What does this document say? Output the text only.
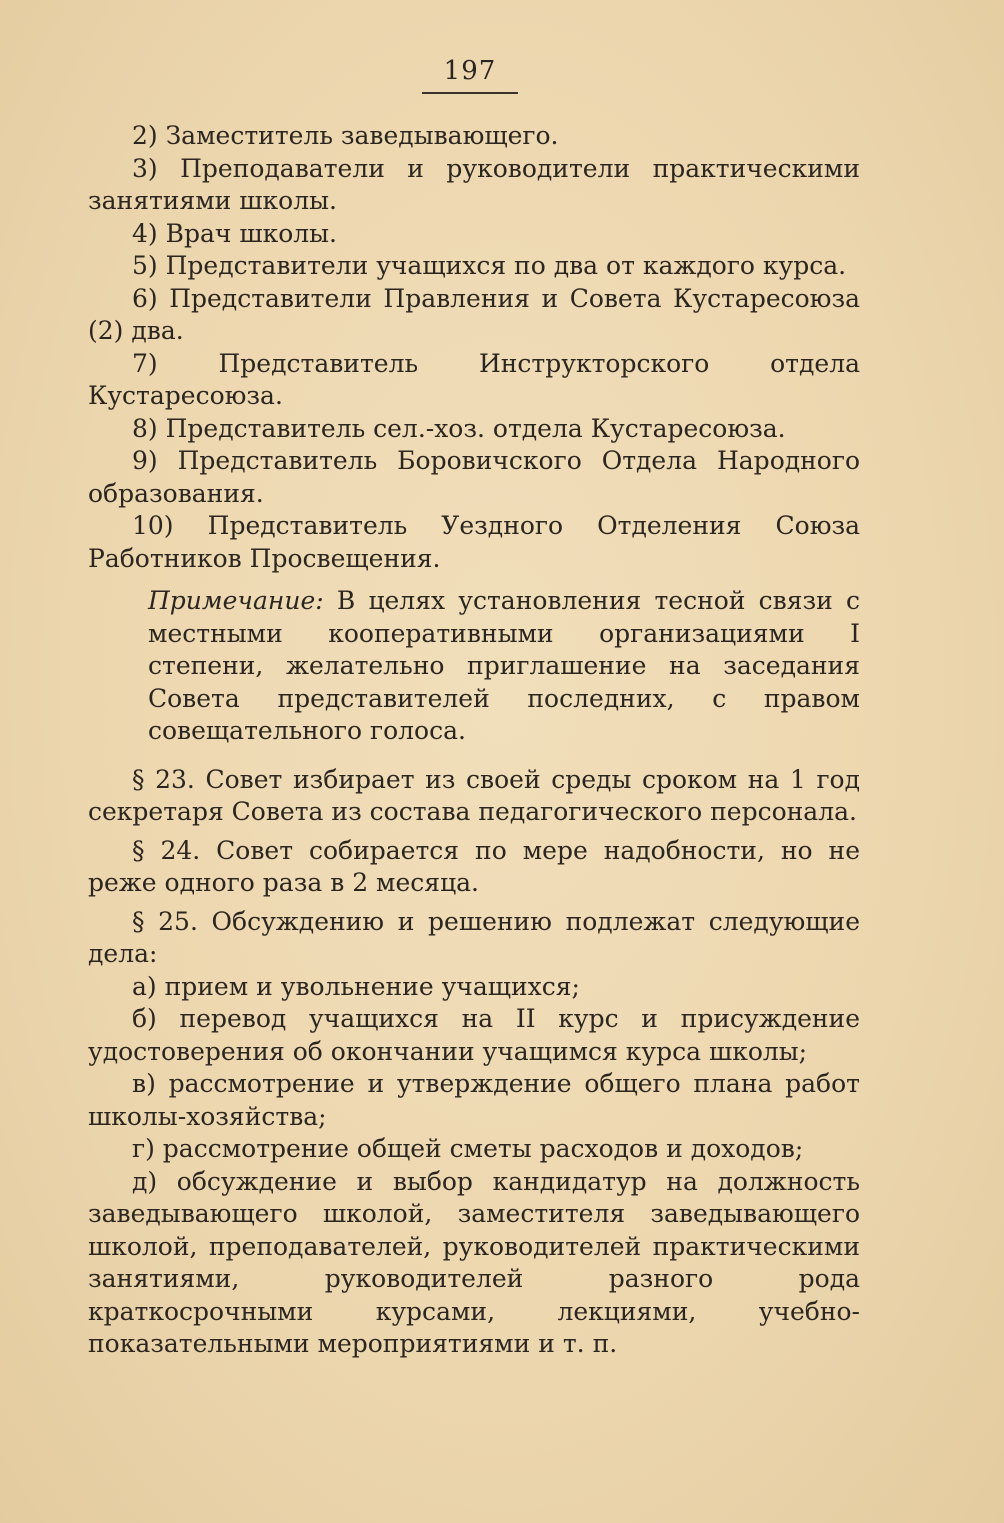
197

2) Заместитель заведывающего.

3) Преподаватели и руководители практическими занятиями школы.

4) Врач школы.

5) Представители учащихся по два от каждого курса.

6) Представители Правления и Совета Кустаресоюза (2) два.

7) Представитель Инструкторского отдела Кустаресоюза.

8) Представитель сел.-хоз. отдела Кустаресоюза.

9) Представитель Боровичского Отдела Народного образования.

10) Представитель Уездного Отделения Союза Работников Просвещения.

Примечание: В целях установления тесной связи с местными кооперативными организациями I степени, желательно приглашение на заседания Совета представителей последних, с правом совещательного голоса.

§ 23. Совет избирает из своей среды сроком на 1 год секретаря Совета из состава педагогического персонала.

§ 24. Совет собирается по мере надобности, но не реже одного раза в 2 месяца.

§ 25. Обсуждению и решению подлежат следующие дела:

а) прием и увольнение учащихся;

б) перевод учащихся на II курс и присуждение удостоверения об окончании учащимся курса школы;

в) рассмотрение и утверждение общего плана работ школы-хозяйства;

г) рассмотрение общей сметы расходов и доходов;

д) обсуждение и выбор кандидатур на должность заведывающего школой, заместителя заведывающего школой, преподавателей, руководителей практическими занятиями, руководителей разного рода краткосрочными курсами, лекциями, учебно-показательными мероприятиями и т. п.
